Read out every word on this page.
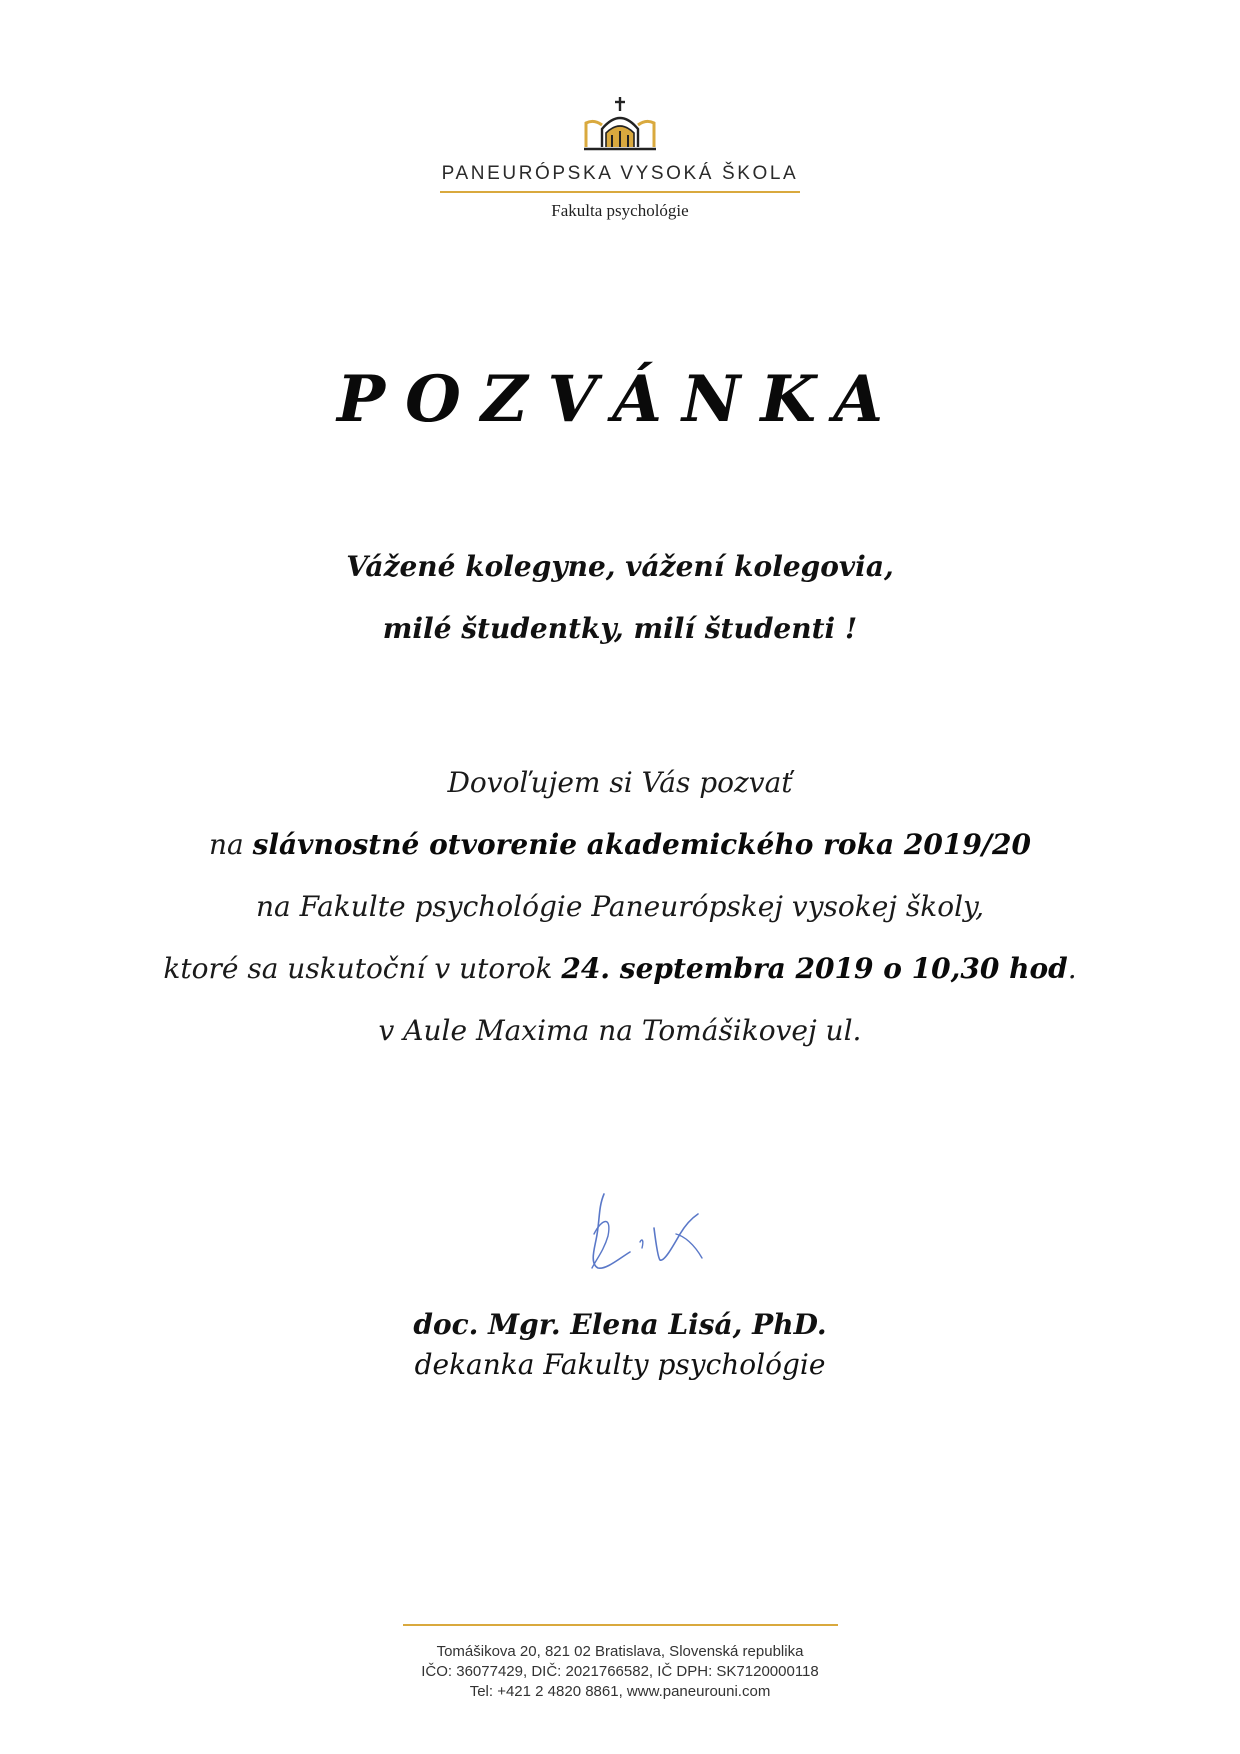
PANEURÓPSKA VYSOKÁ ŠKOLA
Fakulta psychológie
POZVÁNKA
Vážené kolegyne, vážení kolegovia,
milé študentky, milí študenti !
Dovoľujem si Vás pozvať
na slávnostné otvorenie akademického roka 2019/20
na Fakulte psychológie Paneurópskej vysokej školy,
ktoré sa uskutoční v utorok 24. septembra 2019 o 10,30 hod.
v Aule Maxima na Tomášikovej ul.
doc. Mgr. Elena Lisá, PhD.
dekanka Fakulty psychológie
Tomášikova 20, 821 02 Bratislava, Slovenská republika
IČO: 36077429, DIČ: 2021766582, IČ DPH: SK7120000118
Tel: +421 2 4820 8861, www.paneurouni.com
